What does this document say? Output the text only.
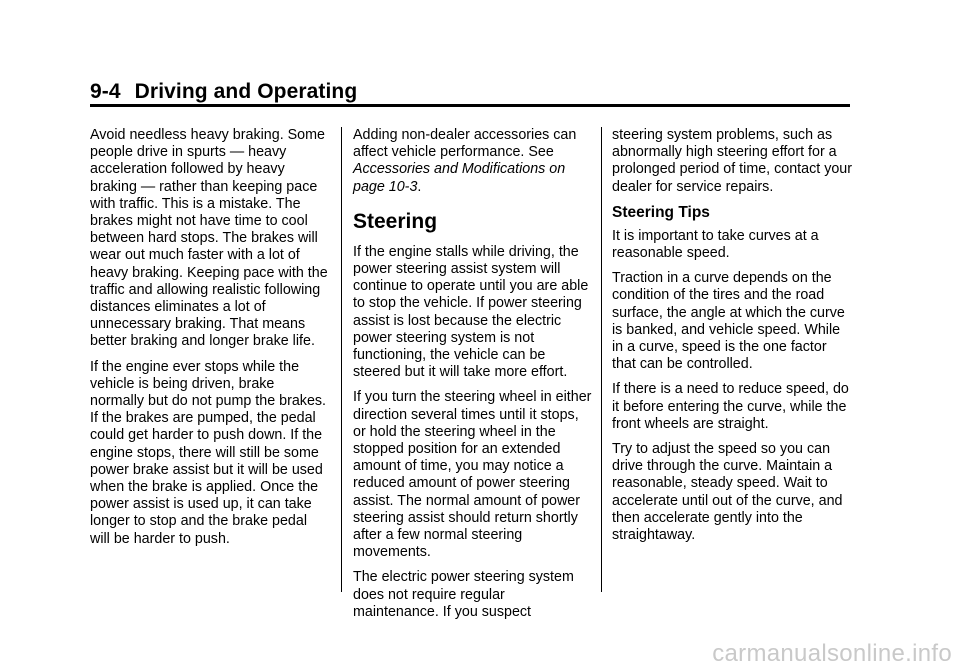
9-4 Driving and Operating

Avoid needless heavy braking. Some people drive in spurts — heavy acceleration followed by heavy braking — rather than keeping pace with traffic. This is a mistake. The brakes might not have time to cool between hard stops. The brakes will wear out much faster with a lot of heavy braking. Keeping pace with the traffic and allowing realistic following distances eliminates a lot of unnecessary braking. That means better braking and longer brake life.

If the engine ever stops while the vehicle is being driven, brake normally but do not pump the brakes. If the brakes are pumped, the pedal could get harder to push down. If the engine stops, there will still be some power brake assist but it will be used when the brake is applied. Once the power assist is used up, it can take longer to stop and the brake pedal will be harder to push.

Adding non-dealer accessories can affect vehicle performance. See Accessories and Modifications on page 10-3.

Steering

If the engine stalls while driving, the power steering assist system will continue to operate until you are able to stop the vehicle. If power steering assist is lost because the electric power steering system is not functioning, the vehicle can be steered but it will take more effort.

If you turn the steering wheel in either direction several times until it stops, or hold the steering wheel in the stopped position for an extended amount of time, you may notice a reduced amount of power steering assist. The normal amount of power steering assist should return shortly after a few normal steering movements.

The electric power steering system does not require regular maintenance. If you suspect

steering system problems, such as abnormally high steering effort for a prolonged period of time, contact your dealer for service repairs.

Steering Tips

It is important to take curves at a reasonable speed.

Traction in a curve depends on the condition of the tires and the road surface, the angle at which the curve is banked, and vehicle speed. While in a curve, speed is the one factor that can be controlled.

If there is a need to reduce speed, do it before entering the curve, while the front wheels are straight.

Try to adjust the speed so you can drive through the curve. Maintain a reasonable, steady speed. Wait to accelerate until out of the curve, and then accelerate gently into the straightaway.

carmanualsonline.info
